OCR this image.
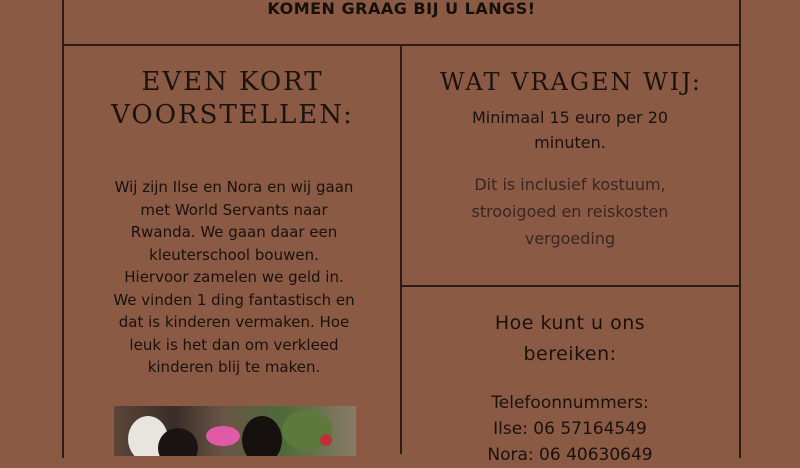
KOMEN GRAAG BIJ U LANGS!
EVEN KORT
VOORSTELLEN:
Wij zijn Ilse en Nora en wij gaan
met World Servants naar
Rwanda. We gaan daar een
kleuterschool bouwen.
Hiervoor zamelen we geld in.
We vinden 1 ding fantastisch en
dat is kinderen vermaken. Hoe
leuk is het dan om verkleed
kinderen blij te maken.
WAT VRAGEN WIJ:
Minimaal 15 euro per 20
minuten.
Dit is inclusief kostuum,
strooigoed en reiskosten
vergoeding
Hoe kunt u ons
bereiken:
Telefoonnummers:
Ilse: 06 57164549
Nora: 06 40630649
